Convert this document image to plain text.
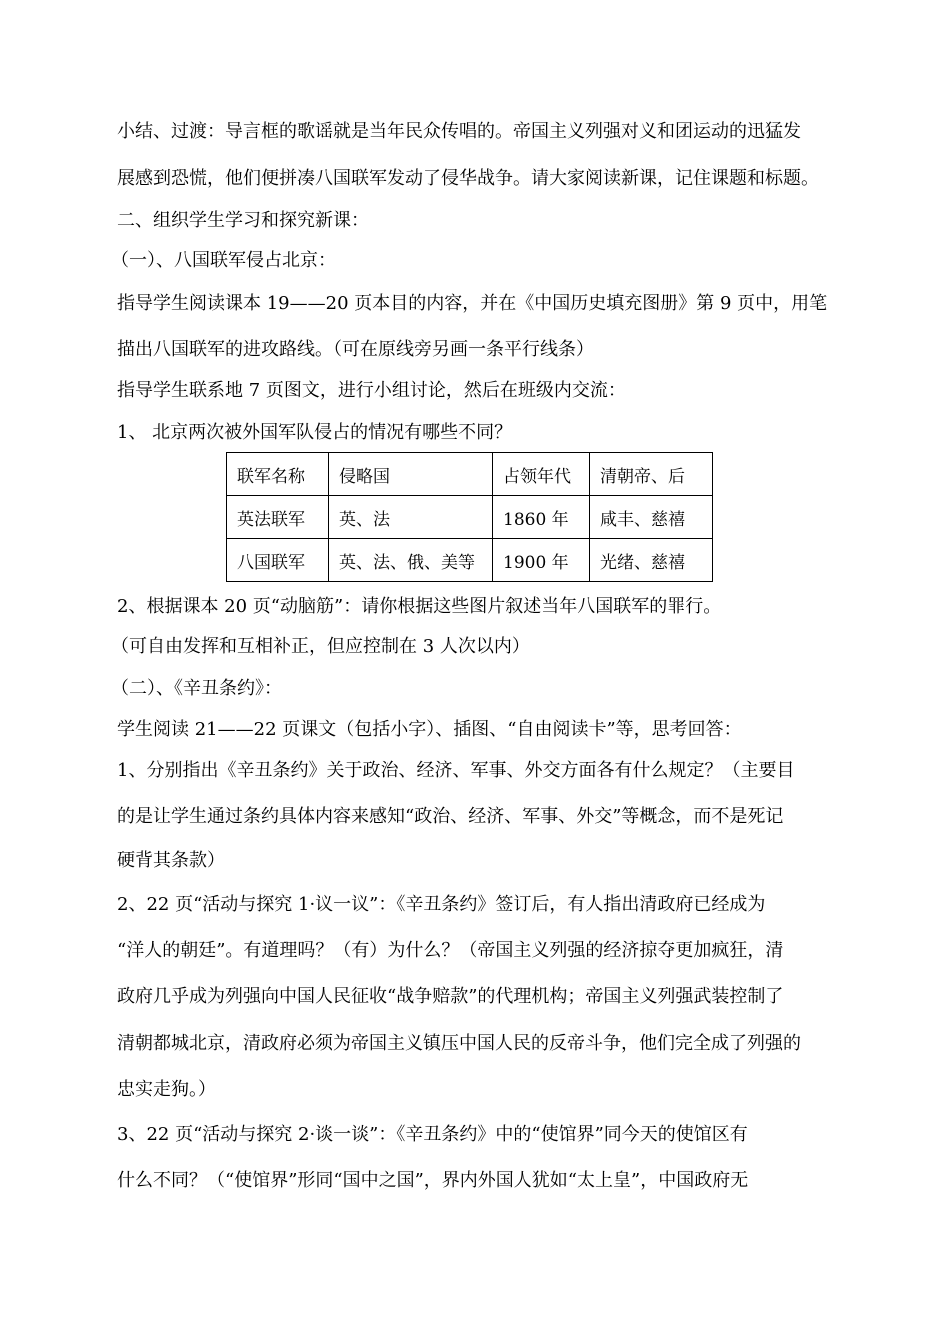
小结、过渡：导言框的歌谣就是当年民众传唱的。帝国主义列强对义和团运动的迅猛发
展感到恐慌，他们便拼凑八国联军发动了侵华战争。请大家阅读新课，记住课题和标题。
二、组织学生学习和探究新课：
（一）、八国联军侵占北京：
指导学生阅读课本 19——20 页本目的内容，并在《中国历史填充图册》第 9 页中，用笔
描出八国联军的进攻路线。（可在原线旁另画一条平行线条）
指导学生联系地 7 页图文，进行小组讨论，然后在班级内交流：
1、 北京两次被外国军队侵占的情况有哪些不同？
联军名称	侵略国	占领年代	清朝帝、后
英法联军	英、法	1860 年	咸丰、慈禧
八国联军	英、法、俄、美等	1900 年	光绪、慈禧
2、根据课本 20 页“动脑筋”：请你根据这些图片叙述当年八国联军的罪行。
（可自由发挥和互相补正，但应控制在 3 人次以内）
（二）、《辛丑条约》：
学生阅读 21——22 页课文（包括小字）、插图、“自由阅读卡”等，思考回答：
1、分别指出《辛丑条约》关于政治、经济、军事、外交方面各有什么规定？（主要目
的是让学生通过条约具体内容来感知“政治、经济、军事、外交”等概念，而不是死记
硬背其条款）
2、22 页“活动与探究 1·议一议”：《辛丑条约》签订后，有人指出清政府已经成为
“洋人的朝廷”。有道理吗？（有）为什么？（帝国主义列强的经济掠夺更加疯狂，清
政府几乎成为列强向中国人民征收“战争赔款”的代理机构；帝国主义列强武装控制了
清朝都城北京，清政府必须为帝国主义镇压中国人民的反帝斗争，他们完全成了列强的
忠实走狗。）
3、22 页“活动与探究 2·谈一谈”：《辛丑条约》中的“使馆界”同今天的使馆区有
什么不同？（“使馆界”形同“国中之国”，界内外国人犹如“太上皇”，中国政府无
